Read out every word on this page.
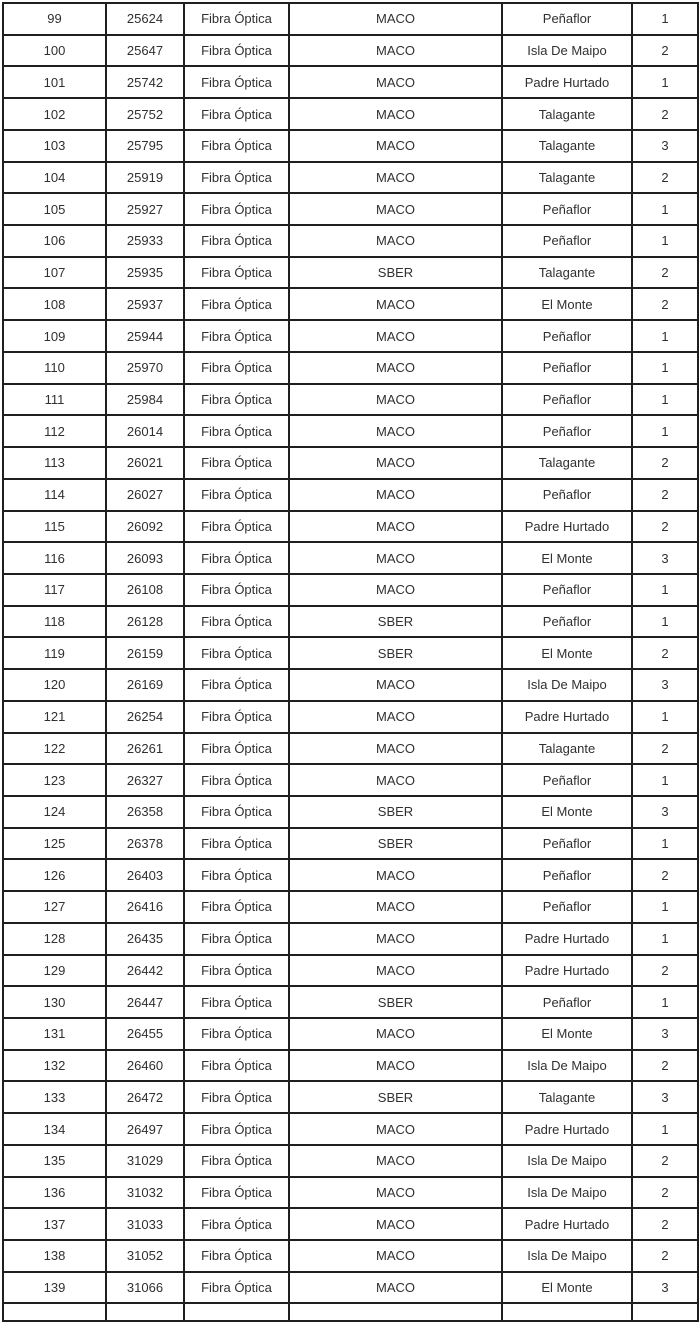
99	25624	Fibra Óptica	MACO	Peñaflor	1
100	25647	Fibra Óptica	MACO	Isla De Maipo	2
101	25742	Fibra Óptica	MACO	Padre Hurtado	1
102	25752	Fibra Óptica	MACO	Talagante	2
103	25795	Fibra Óptica	MACO	Talagante	3
104	25919	Fibra Óptica	MACO	Talagante	2
105	25927	Fibra Óptica	MACO	Peñaflor	1
106	25933	Fibra Óptica	MACO	Peñaflor	1
107	25935	Fibra Óptica	SBER	Talagante	2
108	25937	Fibra Óptica	MACO	El Monte	2
109	25944	Fibra Óptica	MACO	Peñaflor	1
110	25970	Fibra Óptica	MACO	Peñaflor	1
111	25984	Fibra Óptica	MACO	Peñaflor	1
112	26014	Fibra Óptica	MACO	Peñaflor	1
113	26021	Fibra Óptica	MACO	Talagante	2
114	26027	Fibra Óptica	MACO	Peñaflor	2
115	26092	Fibra Óptica	MACO	Padre Hurtado	2
116	26093	Fibra Óptica	MACO	El Monte	3
117	26108	Fibra Óptica	MACO	Peñaflor	1
118	26128	Fibra Óptica	SBER	Peñaflor	1
119	26159	Fibra Óptica	SBER	El Monte	2
120	26169	Fibra Óptica	MACO	Isla De Maipo	3
121	26254	Fibra Óptica	MACO	Padre Hurtado	1
122	26261	Fibra Óptica	MACO	Talagante	2
123	26327	Fibra Óptica	MACO	Peñaflor	1
124	26358	Fibra Óptica	SBER	El Monte	3
125	26378	Fibra Óptica	SBER	Peñaflor	1
126	26403	Fibra Óptica	MACO	Peñaflor	2
127	26416	Fibra Óptica	MACO	Peñaflor	1
128	26435	Fibra Óptica	MACO	Padre Hurtado	1
129	26442	Fibra Óptica	MACO	Padre Hurtado	2
130	26447	Fibra Óptica	SBER	Peñaflor	1
131	26455	Fibra Óptica	MACO	El Monte	3
132	26460	Fibra Óptica	MACO	Isla De Maipo	2
133	26472	Fibra Óptica	SBER	Talagante	3
134	26497	Fibra Óptica	MACO	Padre Hurtado	1
135	31029	Fibra Óptica	MACO	Isla De Maipo	2
136	31032	Fibra Óptica	MACO	Isla De Maipo	2
137	31033	Fibra Óptica	MACO	Padre Hurtado	2
138	31052	Fibra Óptica	MACO	Isla De Maipo	2
139	31066	Fibra Óptica	MACO	El Monte	3
